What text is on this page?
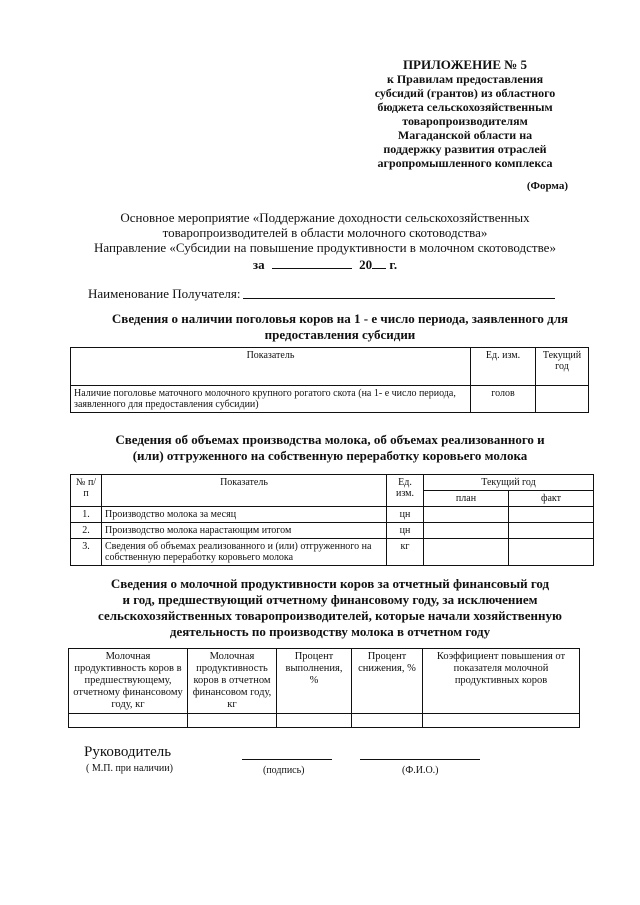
ПРИЛОЖЕНИЕ № 5
к Правилам предоставления
субсидий (грантов) из областного
бюджета сельскохозяйственным
товаропроизводителям
Магаданской области на
поддержку развития отраслей
агропромышленного комплекса
(Форма)
Основное мероприятие «Поддержание доходности сельскохозяйственных
товаропроизводителей в области молочного скотоводства»
Направление «Субсидии на повышение продуктивности в молочном скотоводстве»
за	20 г.
Наименование Получателя:
Сведения о наличии поголовья коров на 1 - е число периода, заявленного для
предоставления субсидии
Показатель	Ед. изм.	Текущий год
Наличие поголовье маточного молочного крупного рогатого скота (на 1- е число периода, заявленного для предоставления субсидии)	голов	
Сведения об объемах производства молока, об объемах реализованного и
(или) отгруженного на собственную переработку коровьего молока
№ п/п	Показатель	Ед. изм.	Текущий год	
			план	факт
1.	Производство молока за месяц	цн		
2.	Производство молока нарастающим итогом	цн		
3.	Сведения об объемах реализованного и (или) отгруженного на собственную переработку коровьего молока	кг		
Сведения о молочной продуктивности коров за отчетный финансовый год
и год, предшествующий отчетному финансовому году, за исключением
сельскохозяйственных товаропроизводителей, которые начали хозяйственную
деятельность по производству молока в отчетном году
Молочная продуктивность коров в предшествующему, отчетному финансовому году, кг	Молочная продуктивность коров в отчетном финансовом году, кг	Процент выполнения, %	Процент снижения, %	Коэффициент повышения от показателя молочной продуктивных коров

Руководитель
( М.П. при наличии)	(подпись)	(Ф.И.О.)
